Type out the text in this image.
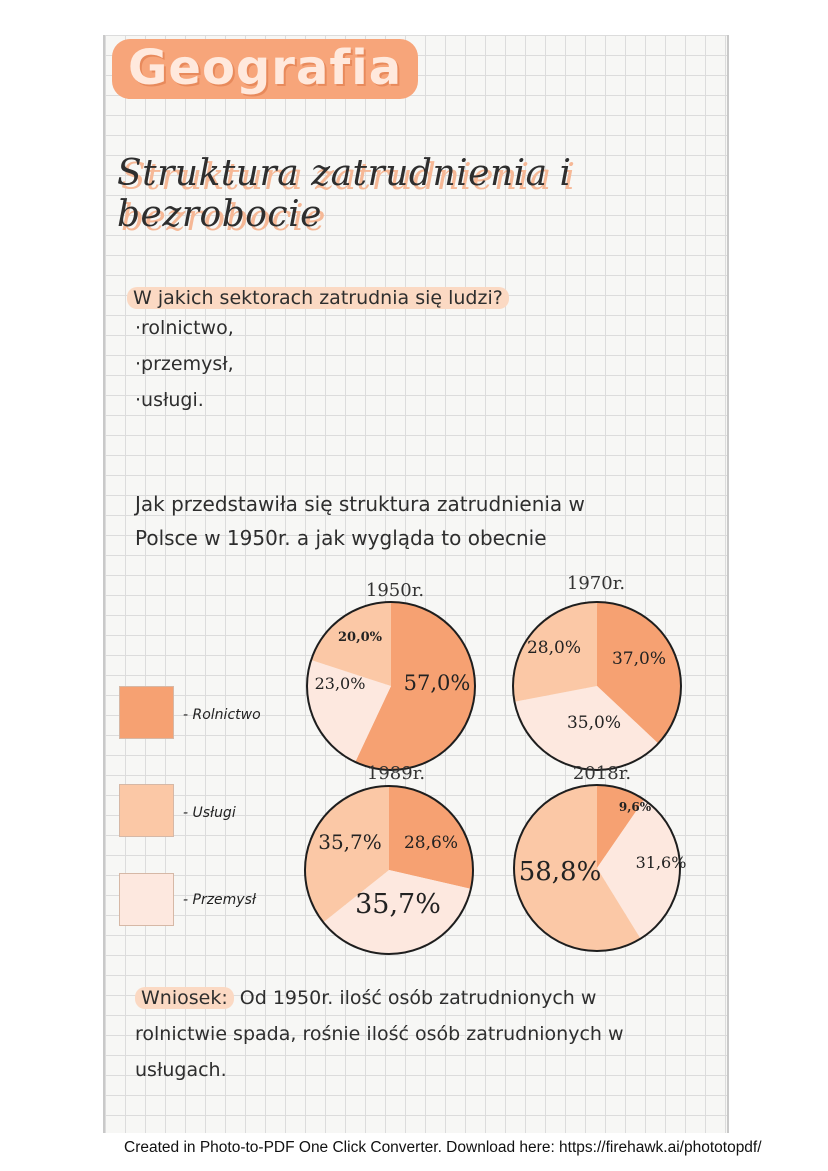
Geografia
Struktura zatrudnienia i bezrobocie
W jakich sektorach zatrudnia się ludzi?
·rolnictwo,
·przemysł,
·usługi.
Jak przedstawiła się struktura zatrudnienia w
Polsce w 1950r. a jak wygląda to obecnie
- Rolnictwo
- Usługi
- Przemysł
1950r.
57,0%
23,0%
20,0%
1970r.
37,0%
35,0%
28,0%
1989r.
28,6%
35,7%
35,7%
2018r.
9,6%
31,6%
58,8%
Wniosek: Od 1950r. ilość osób zatrudnionych w
rolnictwie spada, rośnie ilość osób zatrudnionych w
usługach.
Created in Photo-to-PDF One Click Converter. Download here: https://firehawk.ai/phototopdf/
